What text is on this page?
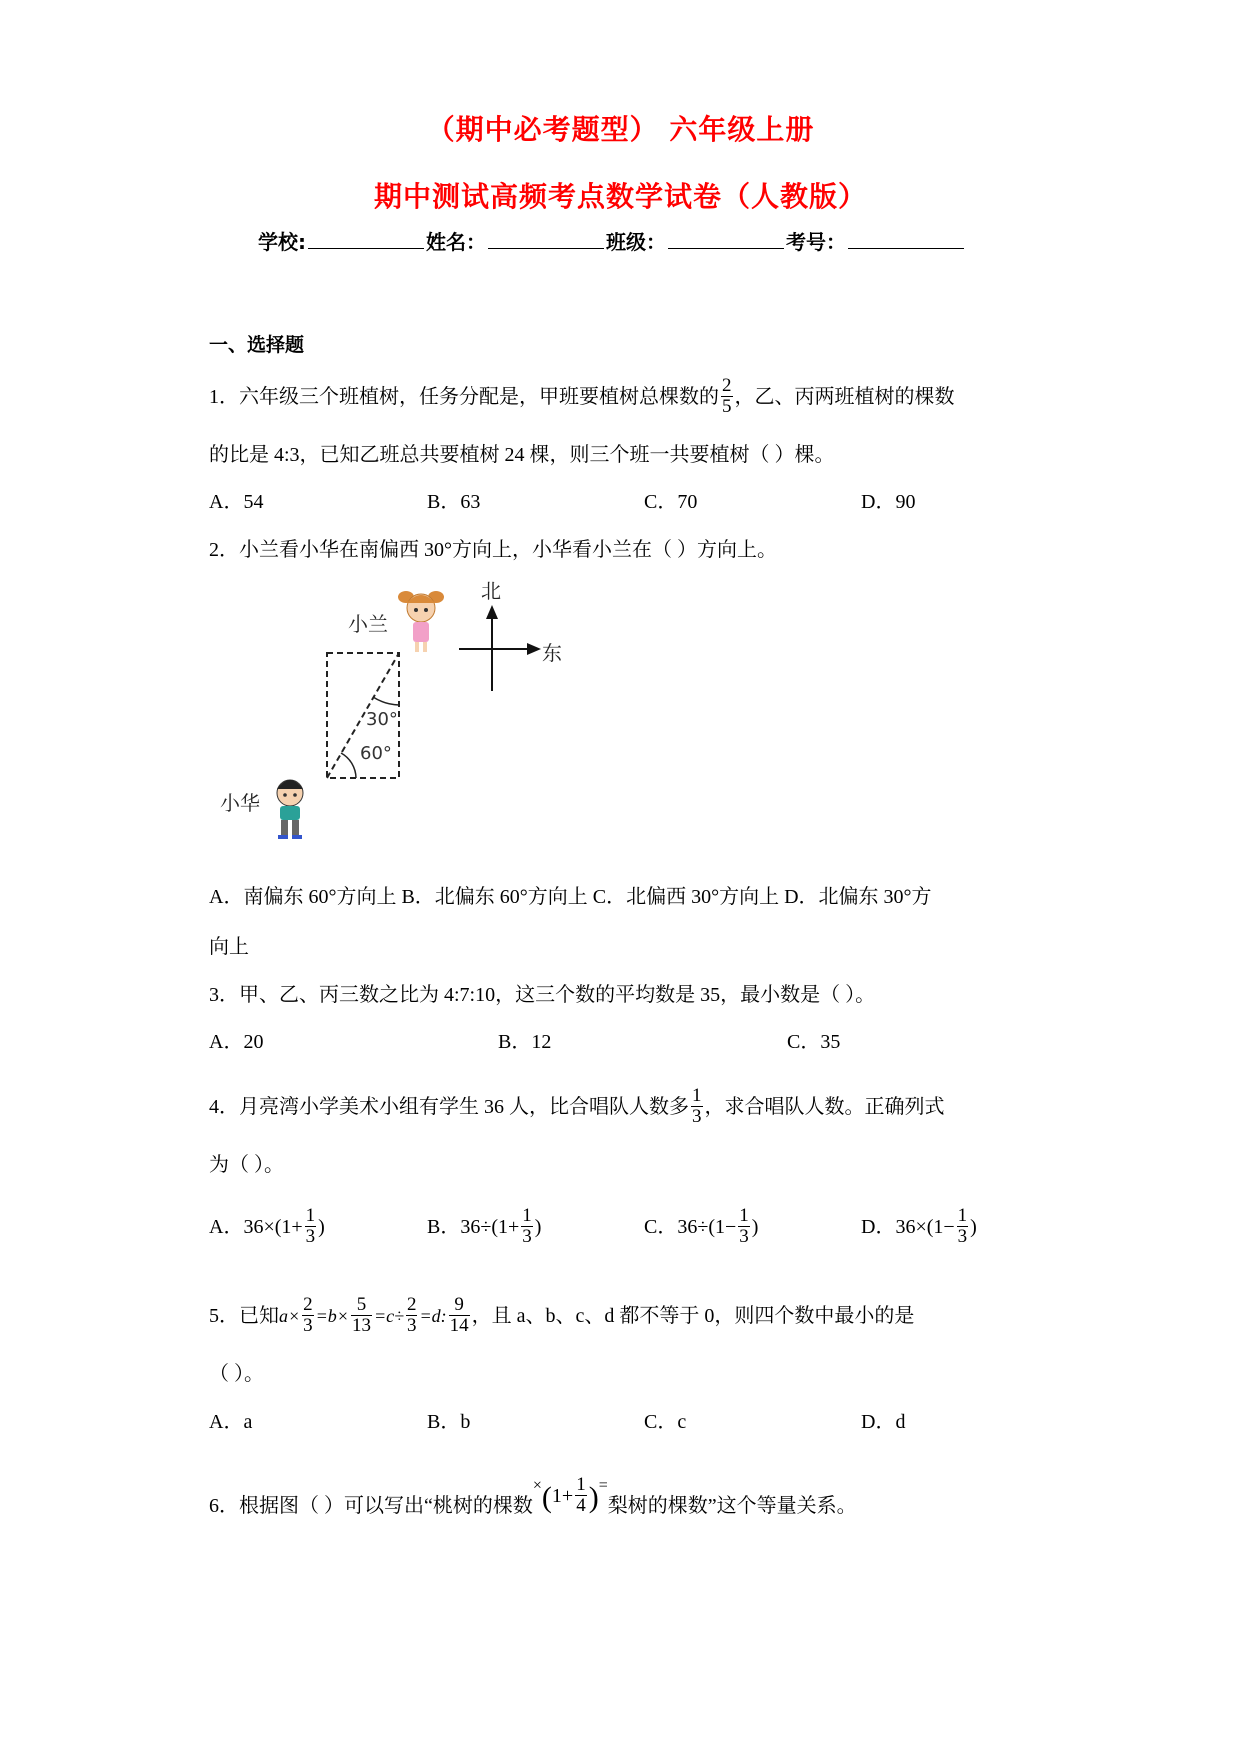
（期中必考题型） 六年级上册
期中测试高频考点数学试卷（人教版）
学校:	姓名：	班级：	考号：
一、选择题
1．六年级三个班植树，任务分配是，甲班要植树总棵数的 $\frac{2}{5}$ ，乙、丙两班植树的棵数
的比是 4:3，已知乙班总共要植树 24 棵，则三个班一共要植树（ ）棵。
A．54	B．63	C．70	D．90
2．小兰看小华在南偏西 30°方向上，小华看小兰在（ ）方向上。
小兰
小华
北
东
30°
60°
A．南偏东 60°方向上 B．北偏东 60°方向上 C．北偏西 30°方向上 D．北偏东 30°方
向上
3．甲、乙、丙三数之比为 4:7:10，这三个数的平均数是 35，最小数是（ ）。
A．20	B．12	C．35
4．月亮湾小学美术小组有学生 36 人，比合唱队人数多 $\frac{1}{3}$ ，求合唱队人数。正确列式
为（ ）。
A．$36\times(1+ \frac{1}{3}$ )	B．$36\div(1+ \frac{1}{3}$ )	C．$36\div(1- \frac{1}{3}$ )	D．$36\times(1- \frac{1}{3}$ )
5．已知$a\times \frac{2}{3} =b\times \frac{5}{13} =c\div \frac{2}{3} =d$: $\frac{9}{14}$ ，且 a、b、c、d 都不等于 0，则四个数中最小的是
（ ）。
A．a	B．b	C．c	D．d
6．根据图（ ）可以写出“桃树的棵数$^\times(1+ \frac{1}{4} )^=$梨树的棵数”这个等量关系。
